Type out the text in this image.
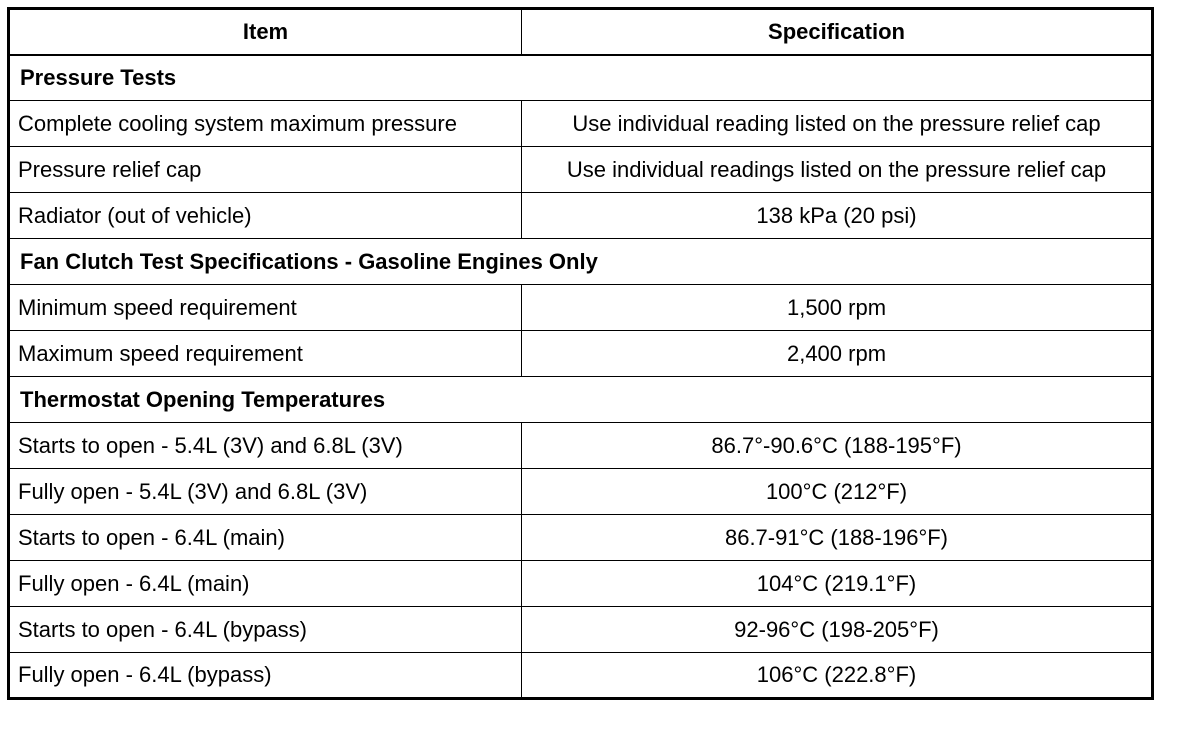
Item	Specification
Pressure Tests	
Complete cooling system maximum pressure	Use individual reading listed on the pressure relief cap
Pressure relief cap	Use individual readings listed on the pressure relief cap
Radiator (out of vehicle)	138 kPa (20 psi)
Fan Clutch Test Specifications - Gasoline Engines Only	
Minimum speed requirement	1,500 rpm
Maximum speed requirement	2,400 rpm
Thermostat Opening Temperatures	
Starts to open - 5.4L (3V) and 6.8L (3V)	86.7°-90.6°C (188-195°F)
Fully open - 5.4L (3V) and 6.8L (3V)	100°C (212°F)
Starts to open - 6.4L (main)	86.7-91°C (188-196°F)
Fully open - 6.4L (main)	104°C (219.1°F)
Starts to open - 6.4L (bypass)	92-96°C (198-205°F)
Fully open - 6.4L (bypass)	106°C (222.8°F)
